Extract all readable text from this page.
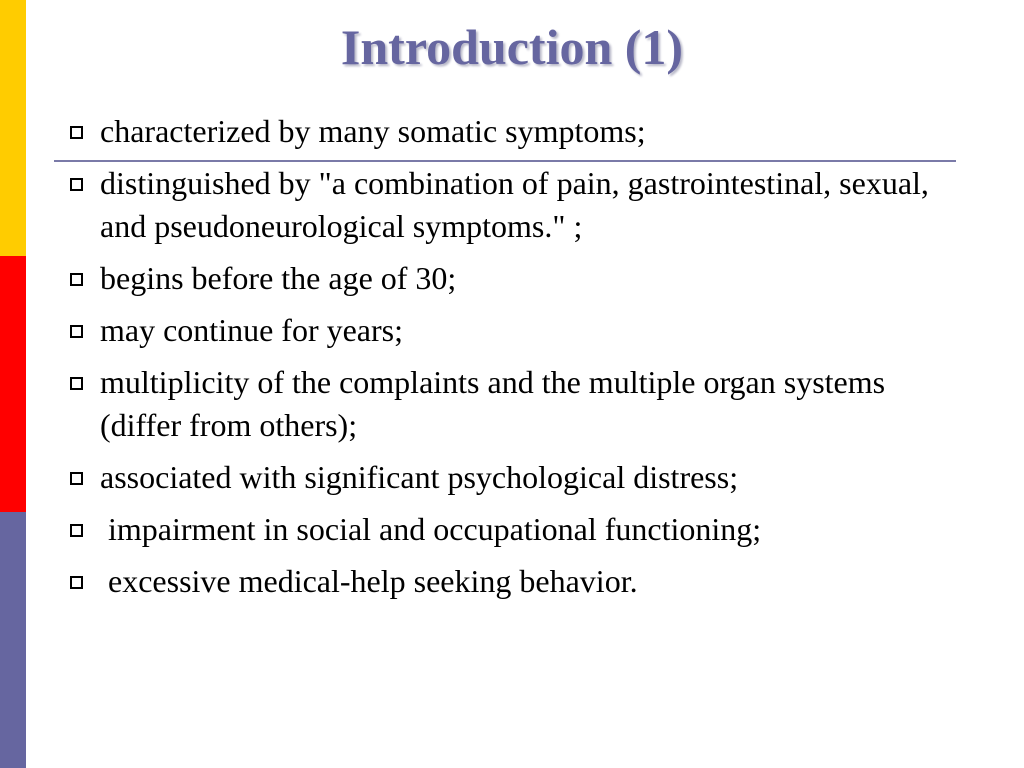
Introduction (1)
characterized by many somatic symptoms;
distinguished by "a combination of pain, gastrointestinal, sexual, and pseudoneurological symptoms." ;
begins before the age of 30;
may continue for years;
multiplicity of the complaints and the multiple organ systems (differ from others);
associated with significant psychological distress;
impairment in social and occupational functioning;
excessive medical-help seeking behavior.
